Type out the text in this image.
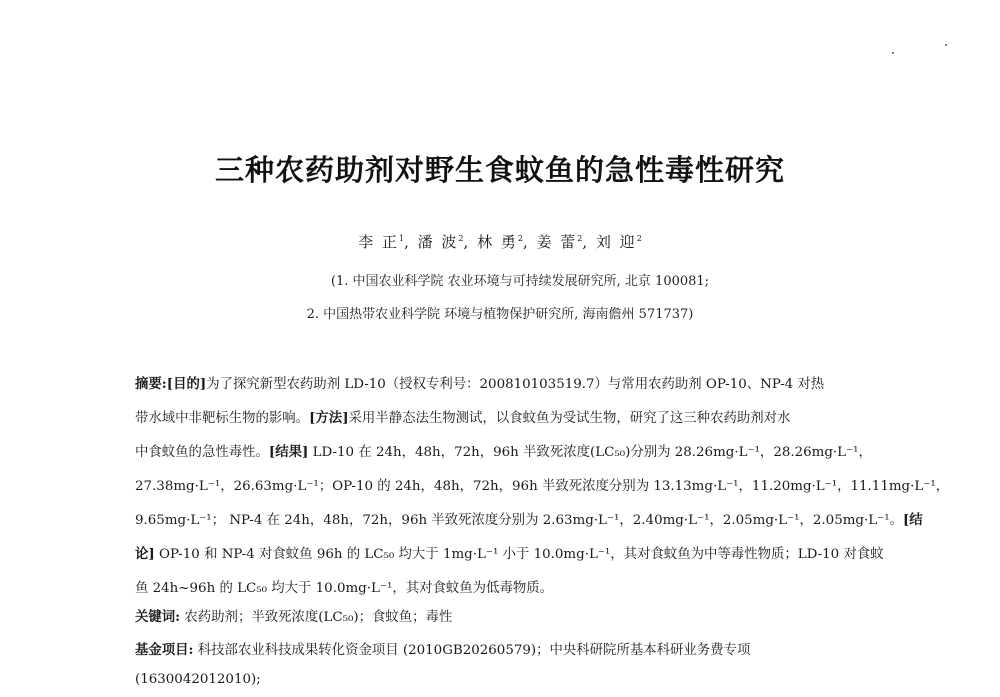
三种农药助剂对野生食蚊鱼的急性毒性研究
李 正$^1$, 潘 波$^2$, 林 勇$^2$, 姜 蕾$^2$, 刘 迎$^2$
(1. 中国农业科学院 农业环境与可持续发展研究所, 北京 100081;
2. 中国热带农业科学院 环境与植物保护研究所, 海南儋州 571737)
摘要:[目的]为了探究新型农药助剂 LD-10（授权专利号：200810103519.7）与常用农药助剂 OP-10、NP-4 对热
带水域中非靶标生物的影响。[方法]采用半静态法生物测试，以食蚊鱼为受试生物，研究了这三种农药助剂对水
中食蚊鱼的急性毒性。[结果] LD-10 在 24h，48h，72h，96h 半致死浓度(LC₅₀)分别为 28.26mg·L⁻¹，28.26mg·L⁻¹，
27.38mg·L⁻¹，26.63mg·L⁻¹；OP-10 的 24h，48h，72h，96h 半致死浓度分别为 13.13mg·L⁻¹，11.20mg·L⁻¹，11.11mg·L⁻¹，
9.65mg·L⁻¹； NP-4 在 24h，48h，72h，96h 半致死浓度分别为 2.63mg·L⁻¹，2.40mg·L⁻¹，2.05mg·L⁻¹，2.05mg·L⁻¹。[结
论] OP-10 和 NP-4 对食蚊鱼 96h 的 LC₅₀ 均大于 1mg·L⁻¹ 小于 10.0mg·L⁻¹，其对食蚊鱼为中等毒性物质；LD-10 对食蚊
鱼 24h~96h 的 LC₅₀ 均大于 10.0mg·L⁻¹，其对食蚊鱼为低毒物质。
关键词: 农药助剂；半致死浓度(LC₅₀)；食蚊鱼；毒性
基金项目: 科技部农业科技成果转化资金项目 (2010GB20260579)；中央科研院所基本科研业务费专项
(1630042012010);
